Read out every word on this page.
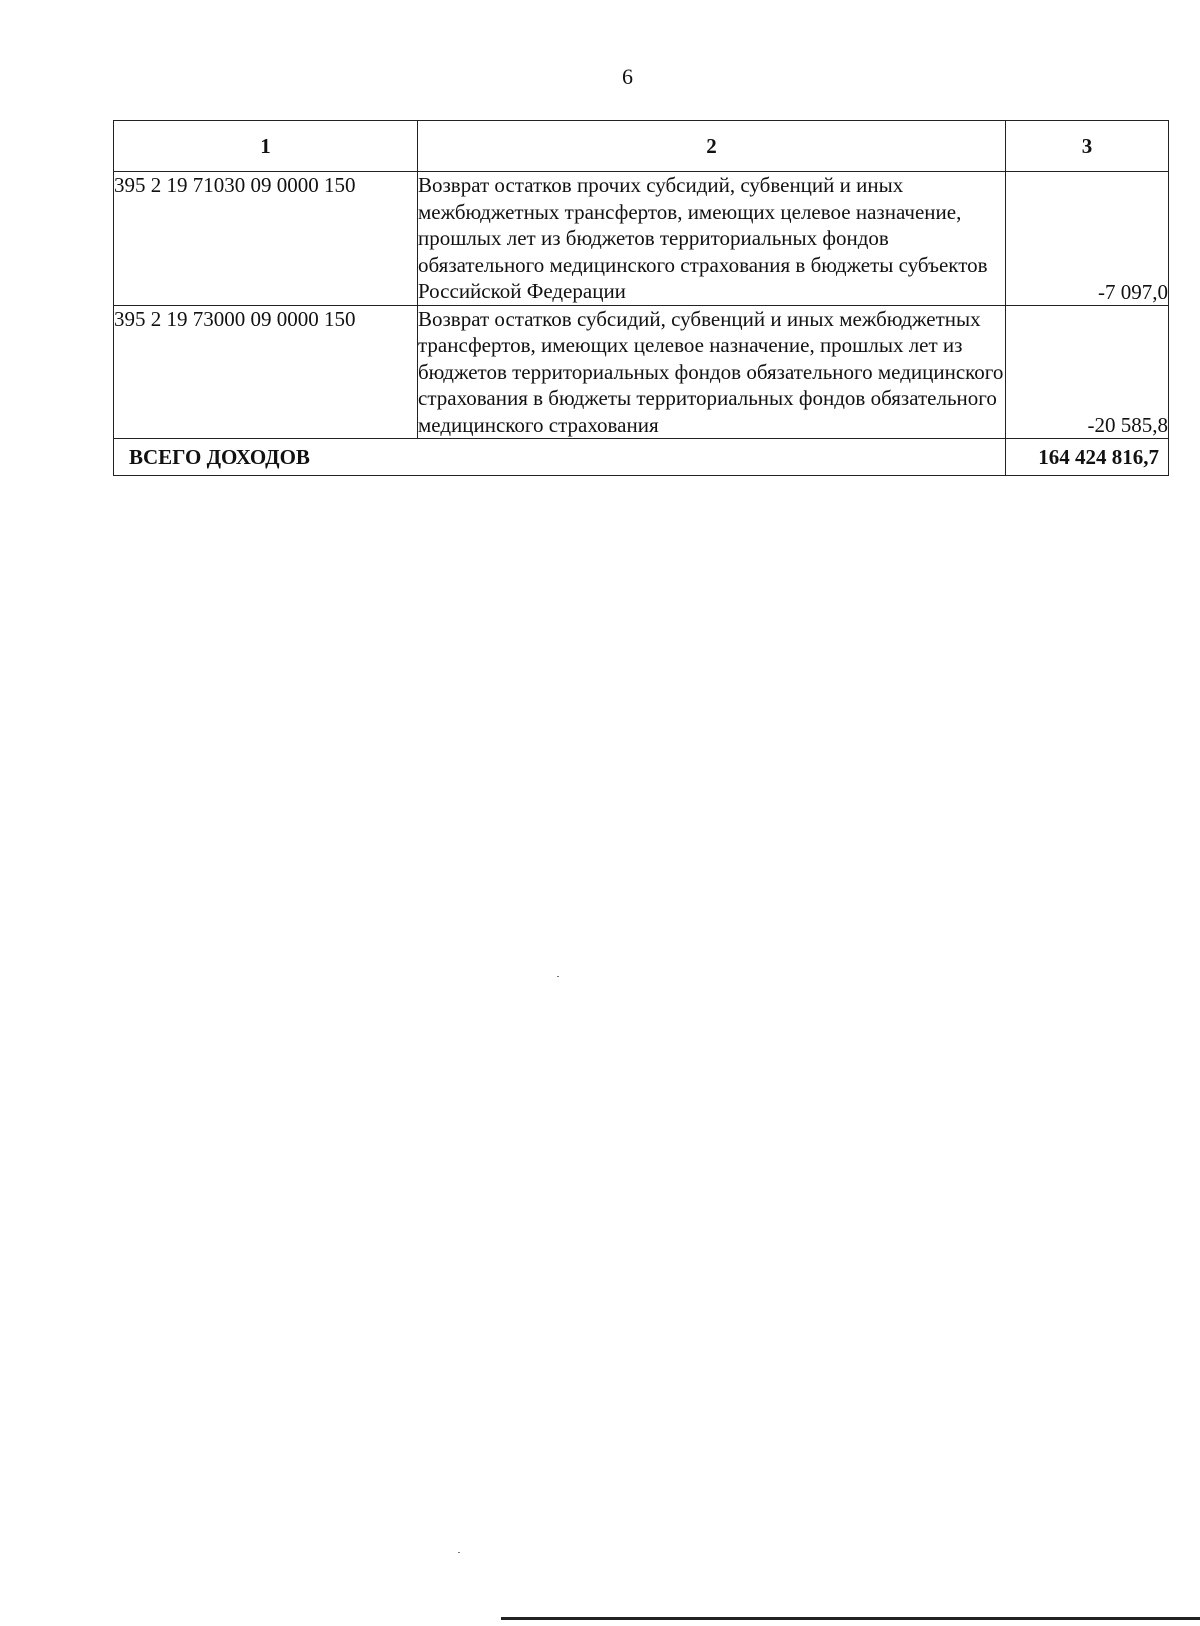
6
1	2	3
395 2 19 71030 09 0000 150	Возврат остатков прочих субсидий, субвенций и иных межбюджетных трансфертов, имеющих целевое назначение, прошлых лет из бюджетов территориальных фондов обязательного медицинского страхования в бюджеты субъектов Российской Федерации	-7 097,0
395 2 19 73000 09 0000 150	Возврат остатков субсидий, субвенций и иных межбюджетных трансфертов, имеющих целевое назначение, прошлых лет из бюджетов территориальных фондов обязательного медицинского страхования в бюджеты территориальных фондов обязательного медицинского страхования	-20 585,8
ВСЕГО ДОХОДОВ		164 424 816,7
